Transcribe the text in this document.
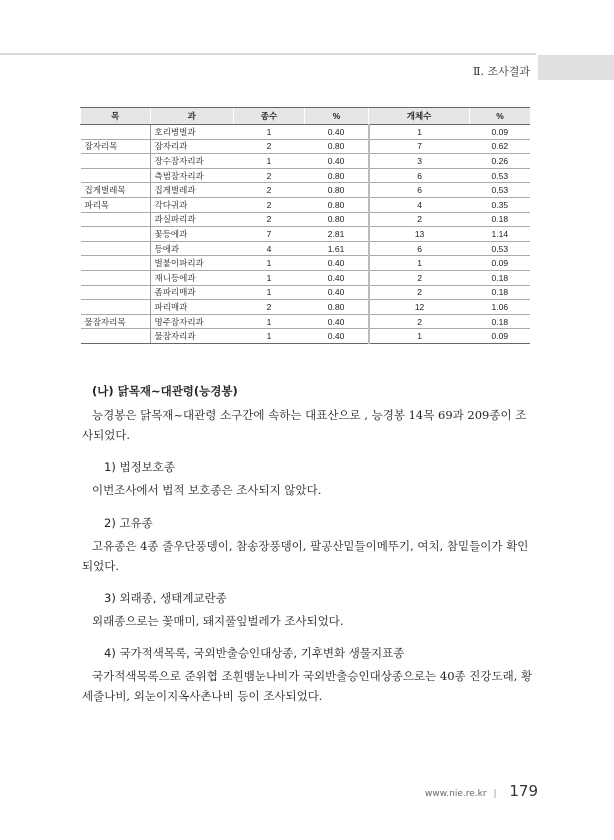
Ⅱ. 조사결과
목	과	종수	%	개체수	%
	호리병벌과	1	0.40	1	0.09
잠자리목	잠자리과	2	0.80	7	0.62
	장수잠자리과	1	0.40	3	0.26
	측범잠자리과	2	0.80	6	0.53
집게벌레목	집게벌레과	2	0.80	6	0.53
파리목	각다귀과	2	0.80	4	0.35
	과실파리과	2	0.80	2	0.18
	꽃등에과	7	2.81	13	1.14
	등에과	4	1.61	6	0.53
	벌붙이파리과	1	0.40	1	0.09
	재니등에과	1	0.40	2	0.18
	좀파리매과	1	0.40	2	0.18
	파리매과	2	0.80	12	1.06
물잠자리목	명주잠자리과	1	0.40	2	0.18
	물잠자리과	1	0.40	1	0.09
(나) 닭목재~대관령(능경봉)
능경봉은 닭목재~대관령 소구간에 속하는 대표산으로 , 능경봉 14목 69과 209종이 조사되었다.
1) 법정보호종
이번조사에서 법적 보호종은 조사되지 않았다.
2) 고유종
고유종은 4종 줄우단풍뎅이, 참송장풍뎅이, 팔공산밑들이메뚜기, 여치, 참밑들이가 확인되었다.
3) 외래종, 생태계교란종
외래종으로는 꽃매미, 돼지풀잎벌레가 조사되었다.
4) 국가적색목록, 국외반출승인대상종, 기후변화 생물지표종
국가적색목록으로 준위협 조흰뱀눈나비가 국외반출승인대상종으로는 40종 진강도래, 황세줄나비, 외눈이지옥사촌나비 등이 조사되었다.
www.nie.re.kr | 179
